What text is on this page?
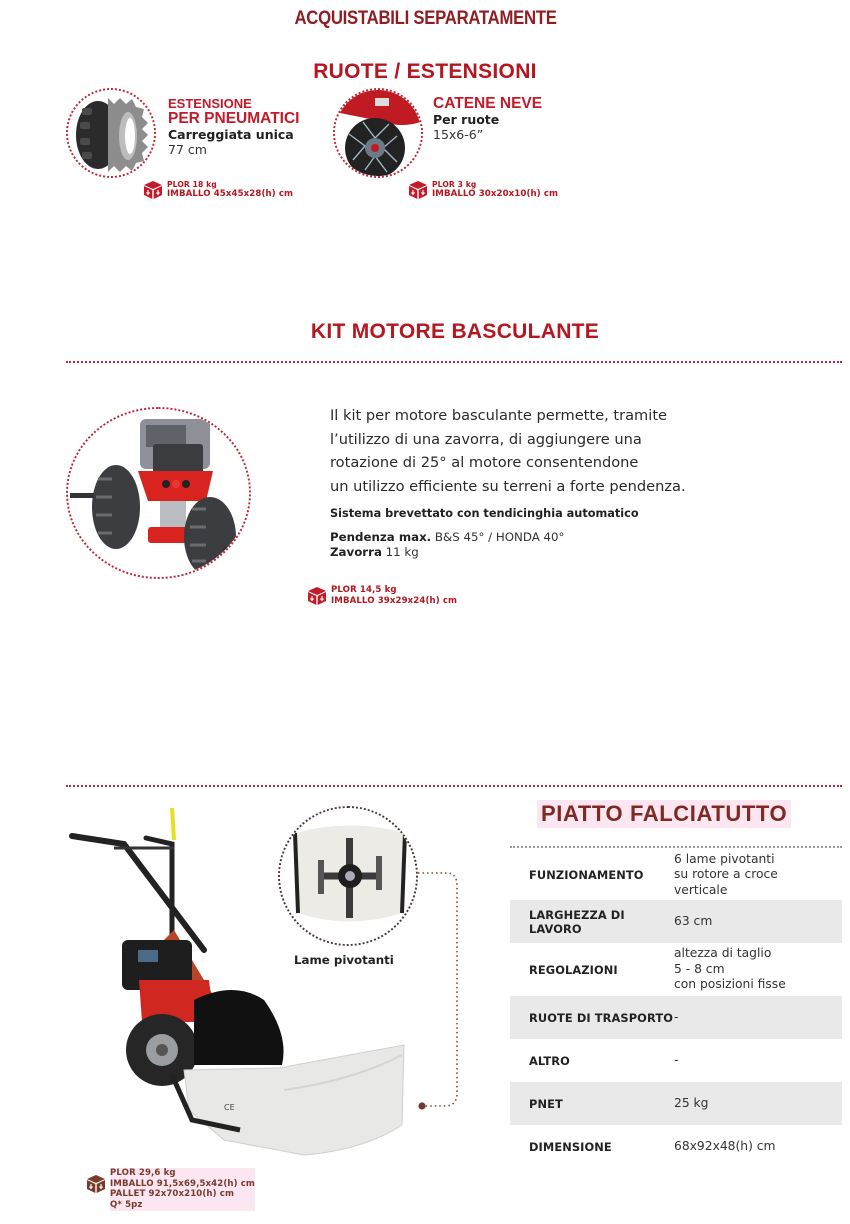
ACQUISTABILI SEPARATAMENTE
RUOTE / ESTENSIONI
ESTENSIONE
PER PNEUMATICI
Carreggiata unica
77 cm
PLOR 18 kg
IMBALLO 45x45x28(h) cm
CATENE NEVE
Per ruote
15x6-6”
PLOR 3 kg
IMBALLO 30x20x10(h) cm
KIT MOTORE BASCULANTE
Il kit per motore basculante permette, tramite
l’utilizzo di una zavorra, di aggiungere una
rotazione di 25° al motore consentendone
un utilizzo efficiente su terreni a forte pendenza.
Sistema brevettato con tendicinghia automatico
Pendenza max. B&S 45° / HONDA 40°
Zavorra 11 kg
PLOR 14,5 kg
IMBALLO 39x29x24(h) cm
PIATTO FALCIATUTTO
CE
Lame pivotanti
FUNZIONAMENTO	6 lame pivotanti
su rotore a croce
verticale

LARGHEZZA DI LAVORO	63 cm
REGOLAZIONI	altezza di taglio
5 - 8 cm
con posizioni fisse

RUOTE DI TRASPORTO	-
ALTRO	-
PNET	25 kg
DIMENSIONE	68x92x48(h) cm
PLOR 29,6 kg
IMBALLO 91,5x69,5x42(h) cm
PALLET 92x70x210(h) cm
Q* 5pz
